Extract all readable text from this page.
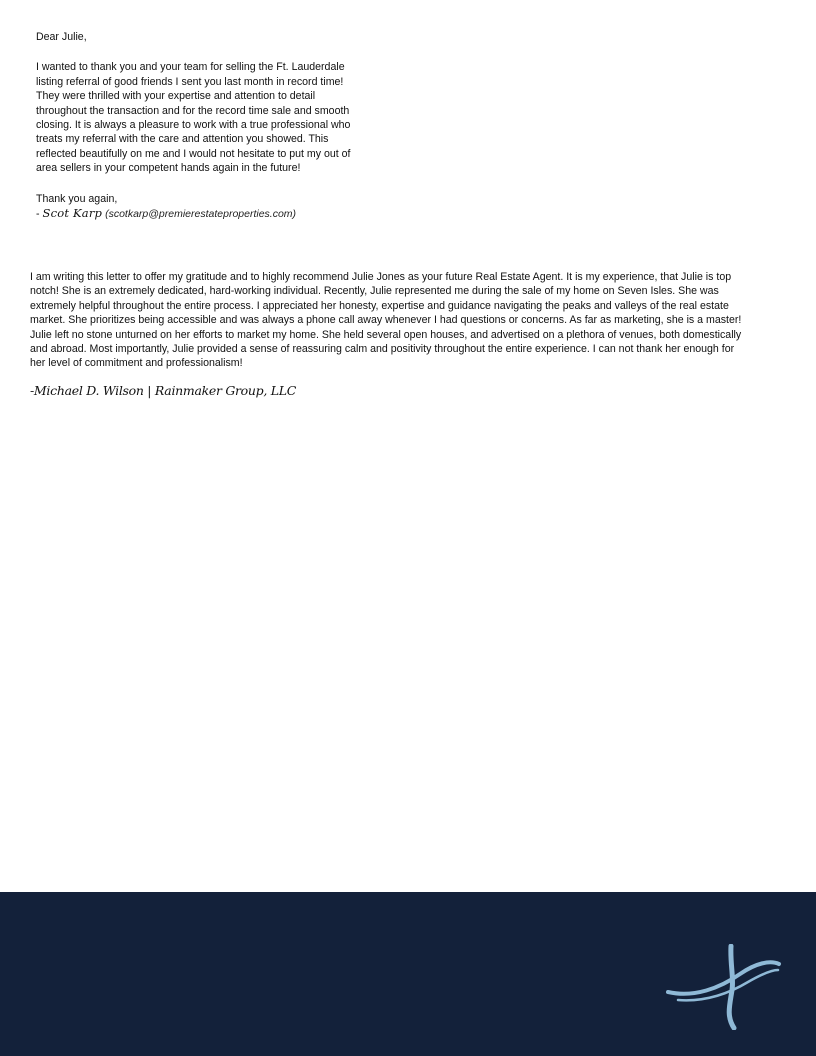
Dear Julie,
I wanted to thank you and your team for selling the Ft. Lauderdale
listing referral of good friends I sent you last month in record time!
They were thrilled with your expertise and attention to detail
throughout the transaction and for the record time sale and smooth
closing. It is always a pleasure to work with a true professional who
treats my referral with the care and attention you showed. This
reflected beautifully on me and I would not hesitate to put my out of
area sellers in your competent hands again in the future!
Thank you again,
- Scot Karp (scotkarp@premierestateproperties.com)
I am writing this letter to offer my gratitude and to highly recommend Julie Jones as your future Real Estate Agent. It is my experience, that Julie is top
notch! She is an extremely dedicated, hard-working individual. Recently, Julie represented me during the sale of my home on Seven Isles. She was
extremely helpful throughout the entire process. I appreciated her honesty, expertise and guidance navigating the peaks and valleys of the real estate
market. She prioritizes being accessible and was always a phone call away whenever I had questions or concerns. As far as marketing, she is a master!
Julie left no stone unturned on her efforts to market my home. She held several open houses, and advertised on a plethora of venues, both domestically
and abroad. Most importantly, Julie provided a sense of reassuring calm and positivity throughout the entire experience. I can not thank her enough for
her level of commitment and professionalism!
-Michael D. Wilson | Rainmaker Group, LLC
